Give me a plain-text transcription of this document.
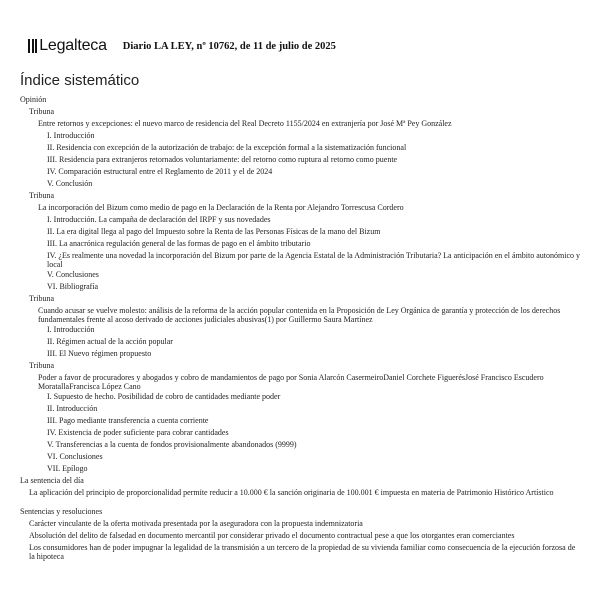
Legalteca Diario LA LEY, nº 10762, de 11 de julio de 2025
Índice sistemático
Opinión
Tribuna
Entre retornos y excepciones: el nuevo marco de residencia del Real Decreto 1155/2024 en extranjería por José Mª Pey González
I. Introducción
II. Residencia con excepción de la autorización de trabajo: de la excepción formal a la sistematización funcional
III. Residencia para extranjeros retornados voluntariamente: del retorno como ruptura al retorno como puente
IV. Comparación estructural entre el Reglamento de 2011 y el de 2024
V. Conclusión
Tribuna
La incorporación del Bizum como medio de pago en la Declaración de la Renta por Alejandro Torrescusa Cordero
I. Introducción. La campaña de declaración del IRPF y sus novedades
II. La era digital llega al pago del Impuesto sobre la Renta de las Personas Físicas de la mano del Bizum
III. La anacrónica regulación general de las formas de pago en el ámbito tributario
IV. ¿Es realmente una novedad la incorporación del Bizum por parte de la Agencia Estatal de la Administración Tributaria? La anticipación en el ámbito autonómico y local
V. Conclusiones
VI. Bibliografía
Tribuna
Cuando acusar se vuelve molesto: análisis de la reforma de la acción popular contenida en la Proposición de Ley Orgánica de garantía y protección de los derechos fundamentales frente al acoso derivado de acciones judiciales abusivas(1) por Guillermo Saura Martínez
I. Introducción
II. Régimen actual de la acción popular
III. El Nuevo régimen propuesto
Tribuna
Poder a favor de procuradores y abogados y cobro de mandamientos de pago por Sonia Alarcón CasermeiroDaniel Corchete FiguerésJosé Francisco Escudero MoratallaFrancisca López Cano
I. Supuesto de hecho. Posibilidad de cobro de cantidades mediante poder
II. Introducción
III. Pago mediante transferencia a cuenta corriente
IV. Existencia de poder suficiente para cobrar cantidades
V. Transferencias a la cuenta de fondos provisionalmente abandonados (9999)
VI. Conclusiones
VII. Epílogo
La sentencia del día
La aplicación del principio de proporcionalidad permite reducir a 10.000 € la sanción originaria de 100.001 € impuesta en materia de Patrimonio Histórico Artístico
Sentencias y resoluciones
Carácter vinculante de la oferta motivada presentada por la aseguradora con la propuesta indemnizatoria
Absolución del delito de falsedad en documento mercantil por considerar privado el documento contractual pese a que los otorgantes eran comerciantes
Los consumidores han de poder impugnar la legalidad de la transmisión a un tercero de la propiedad de su vivienda familiar como consecuencia de la ejecución forzosa de la hipoteca
